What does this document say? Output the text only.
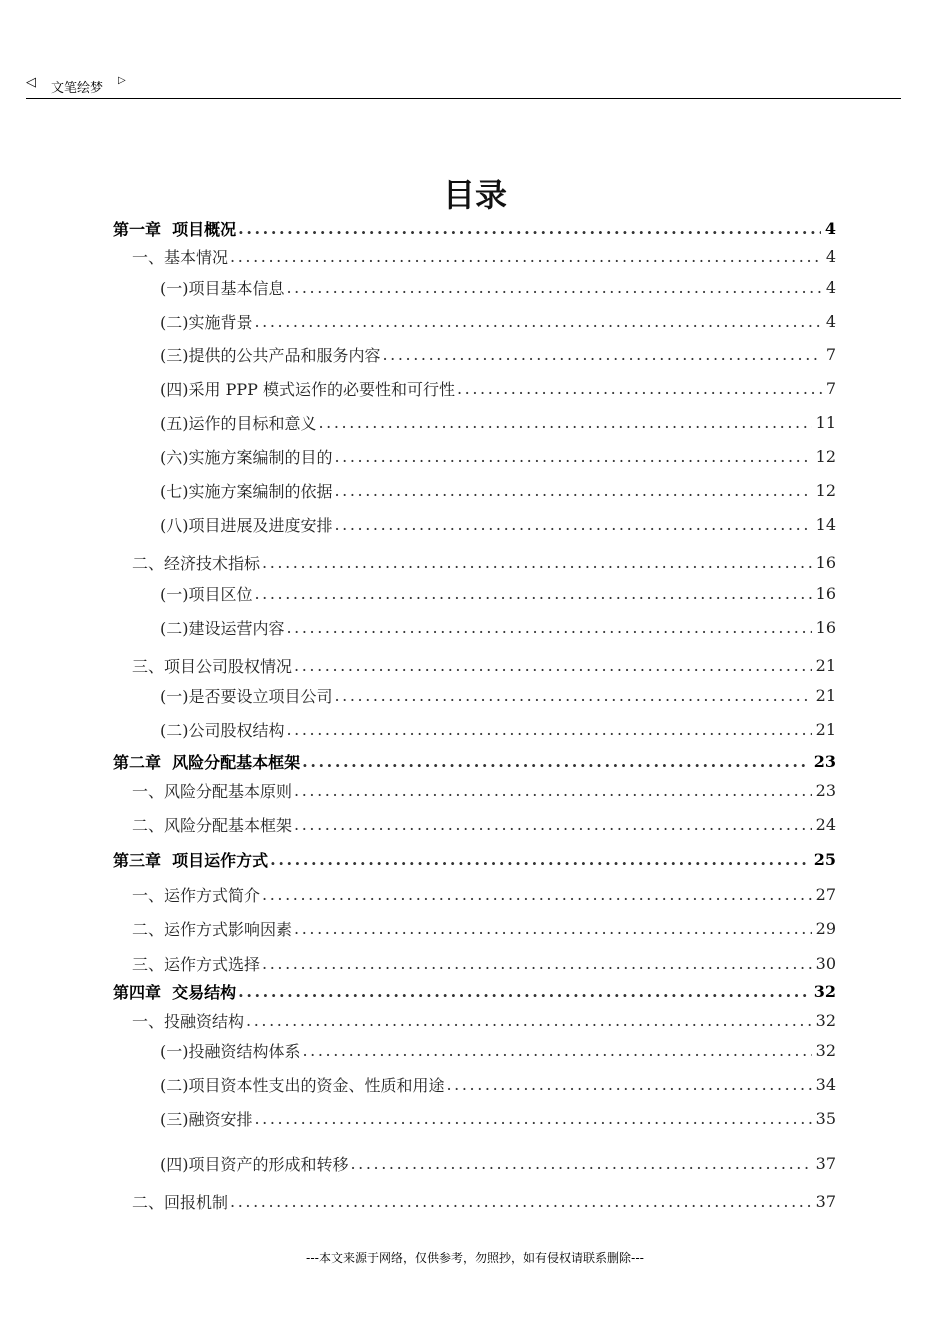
◁ 文笔绘梦
▷
目录
第一章  项目概况 .....	4
一、基本情况 .....	4
(一)项目基本信息 .....	4
(二)实施背景 .....	4
(三)提供的公共产品和服务内容 .....	7
(四)采用 PPP 模式运作的必要性和可行性 .....	7
(五)运作的目标和意义 .....	11
(六)实施方案编制的目的 .....	12
(七)实施方案编制的依据 .....	12
(八)项目进展及进度安排 .....	14
二、经济技术指标 .....	16
(一)项目区位 .....	16
(二)建设运营内容 .....	16
三、项目公司股权情况 .....	21
(一)是否要设立项目公司 .....	21
(二)公司股权结构 .....	21
第二章  风险分配基本框架 .....	23
一、风险分配基本原则 .....	23
二、风险分配基本框架 .....	24
第三章  项目运作方式 .....	25
一、运作方式简介 .....	27
二、运作方式影响因素 .....	29
三、运作方式选择 .....	30
第四章  交易结构 .....	32
一、投融资结构 .....	32
(一)投融资结构体系 .....	32
(二)项目资本性支出的资金、性质和用途 .....	34
(三)融资安排 .....	35
(四)项目资产的形成和转移 .....	37
二、回报机制 .....	37
---本文来源于网络，仅供参考，勿照抄，如有侵权请联系删除---
